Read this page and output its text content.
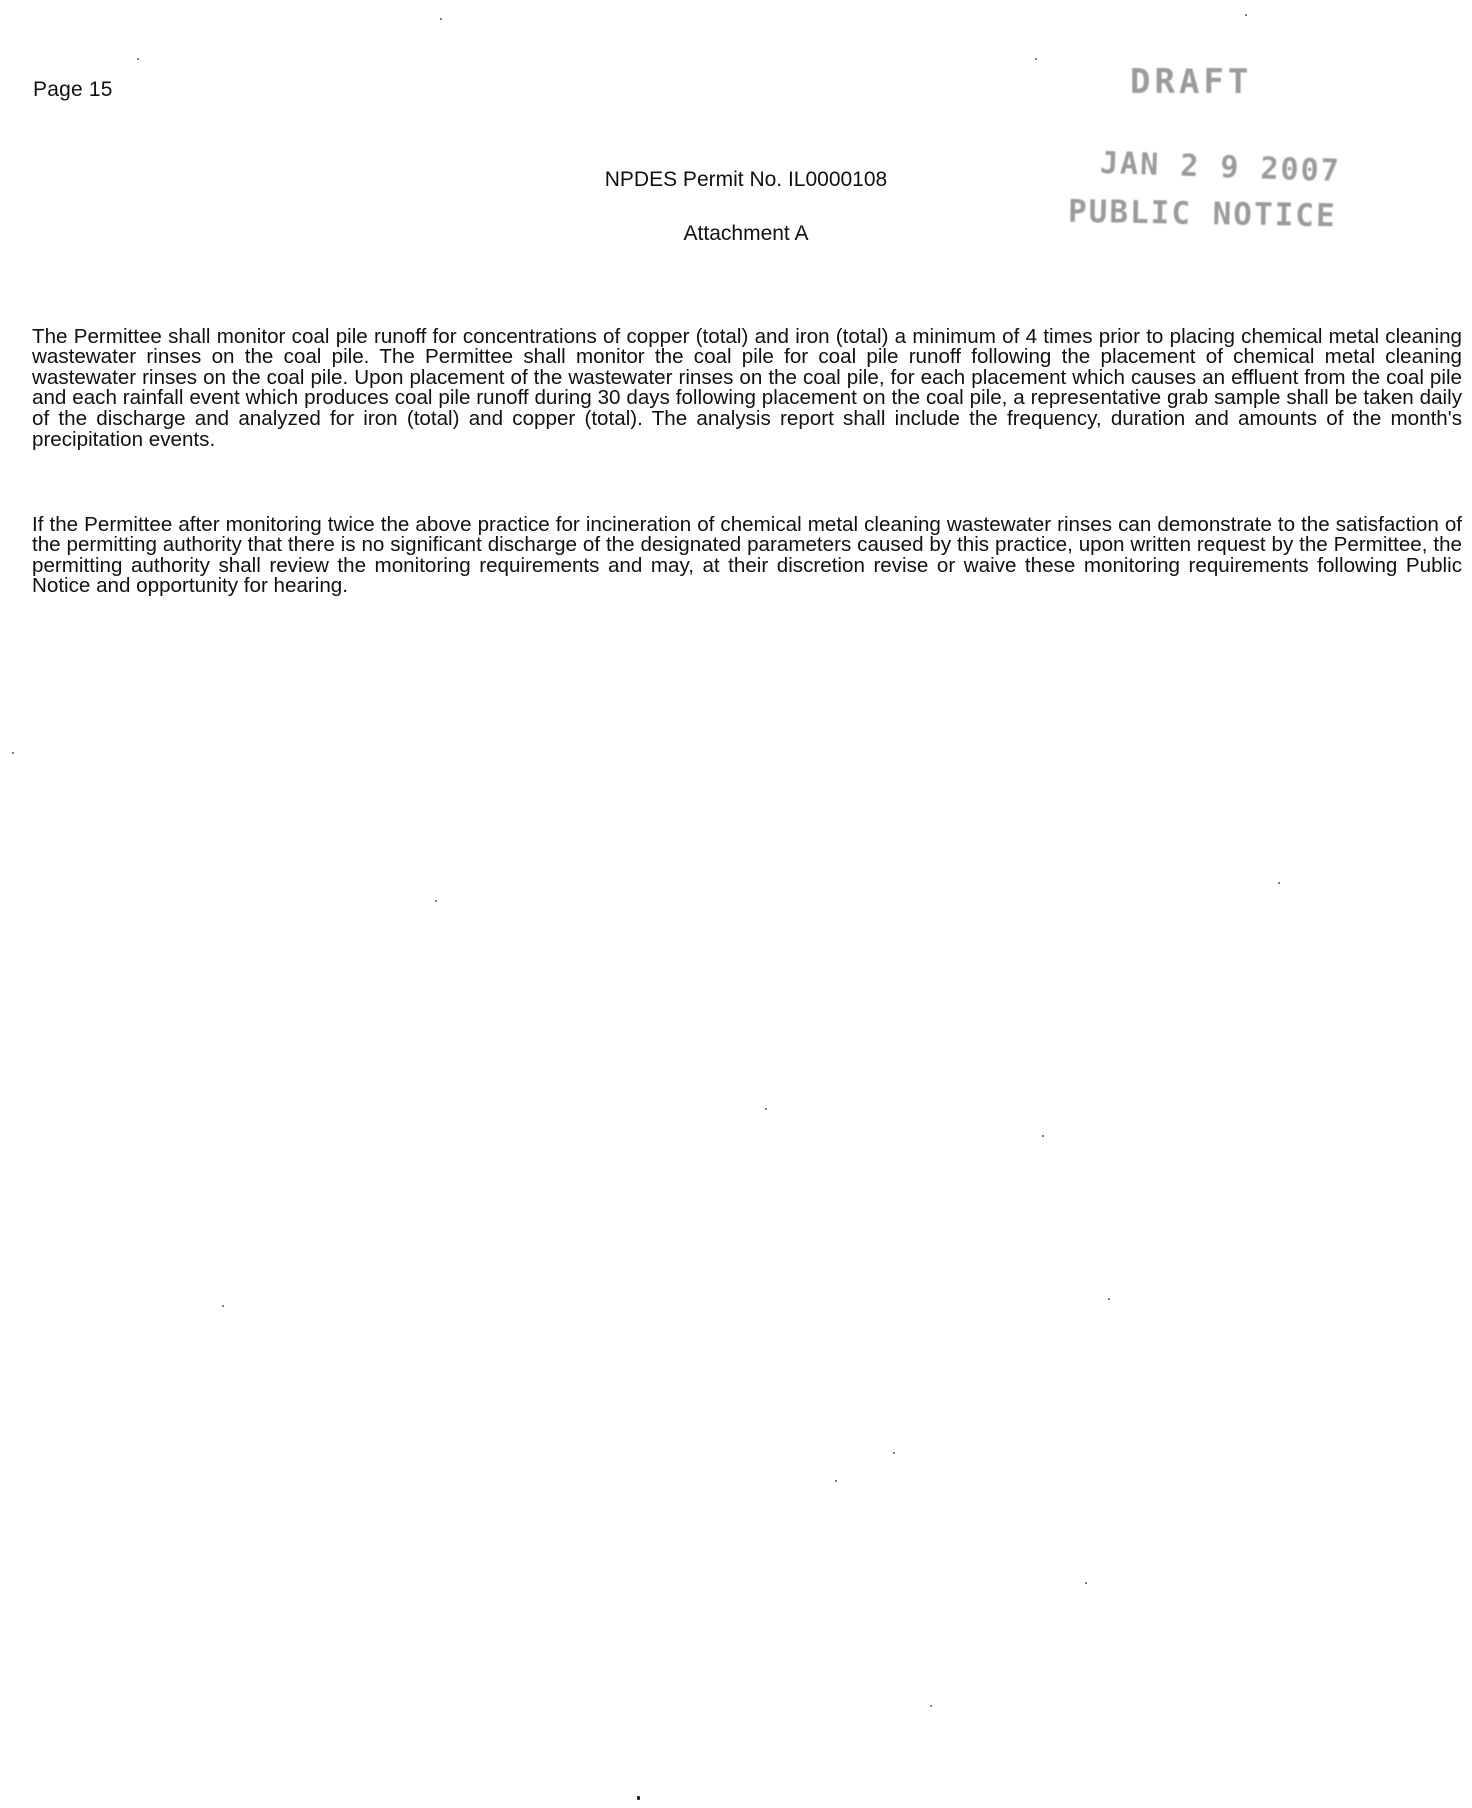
Page 15	DRAFT
JAN 2 9 2007
PUBLIC NOTICE
NPDES Permit No. IL0000108
Attachment A

The Permittee shall monitor coal pile runoff for concentrations of copper (total) and iron (total) a minimum of 4 times prior to placing chemical metal cleaning wastewater rinses on the coal pile. The Permittee shall monitor the coal pile for coal pile runoff following the placement of chemical metal cleaning wastewater rinses on the coal pile. Upon placement of the wastewater rinses on the coal pile, for each placement which causes an effluent from the coal pile and each rainfall event which produces coal pile runoff during 30 days following placement on the coal pile, a representative grab sample shall be taken daily of the discharge and analyzed for iron (total) and copper (total). The analysis report shall include the frequency, duration and amounts of the month's precipitation events.

If the Permittee after monitoring twice the above practice for incineration of chemical metal cleaning wastewater rinses can demonstrate to the satisfaction of the permitting authority that there is no significant discharge of the designated parameters caused by this practice, upon written request by the Permittee, the permitting authority shall review the monitoring requirements and may, at their discretion revise or waive these monitoring requirements following Public Notice and opportunity for hearing.
